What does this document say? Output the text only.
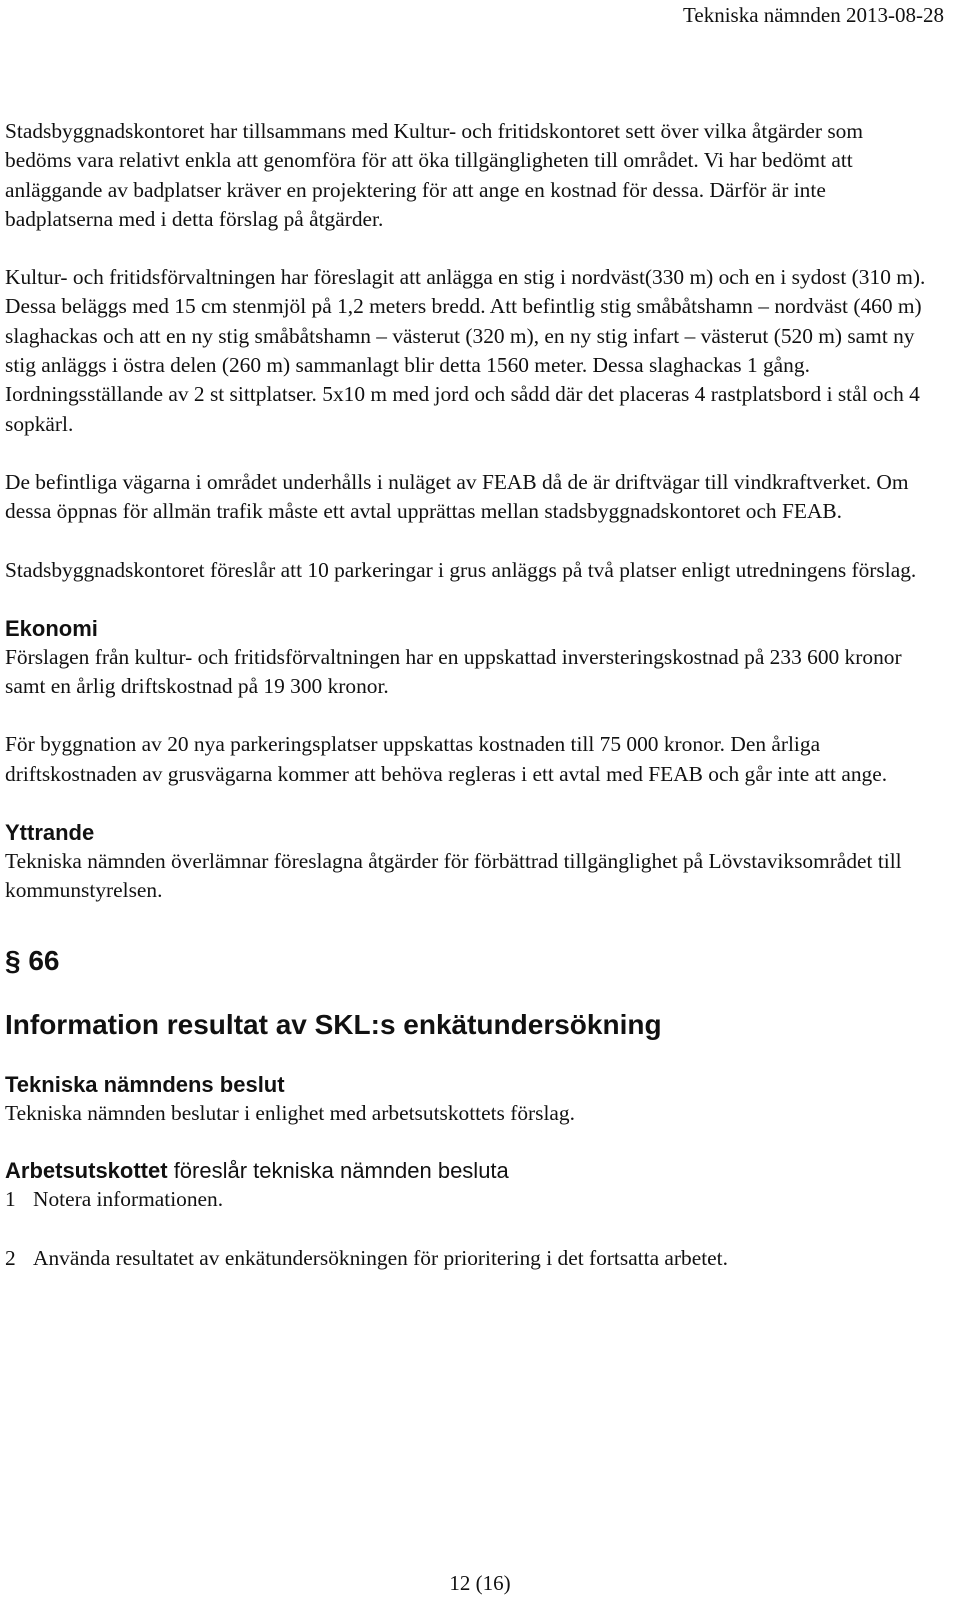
Tekniska nämnden 2013-08-28

Stadsbyggnadskontoret har tillsammans med Kultur- och fritidskontoret sett över vilka åtgärder som bedöms vara relativt enkla att genomföra för att öka tillgängligheten till området. Vi har bedömt att anläggande av badplatser kräver en projektering för att ange en kostnad för dessa. Därför är inte badplatserna med i detta förslag på åtgärder.

Kultur- och fritidsförvaltningen har föreslagit att anlägga en stig i nordväst(330 m) och en i sydost (310 m). Dessa beläggs med 15 cm stenmjöl på 1,2 meters bredd. Att befintlig stig småbåtshamn – nordväst (460 m) slaghackas och att en ny stig småbåtshamn – västerut (320 m), en ny stig infart – västerut (520 m) samt ny stig anläggs i östra delen (260 m) sammanlagt blir detta 1560 meter. Dessa slaghackas 1 gång. Iordningsställande av 2 st sittplatser. 5x10 m med jord och sådd där det placeras 4 rastplatsbord i stål och 4 sopkärl.

De befintliga vägarna i området underhålls i nuläget av FEAB då de är driftvägar till vindkraftverket. Om dessa öppnas för allmän trafik måste ett avtal upprättas mellan stadsbyggnadskontoret och FEAB.

Stadsbyggnadskontoret föreslår att 10 parkeringar i grus anläggs på två platser enligt utredningens förslag.

Ekonomi

Förslagen från kultur- och fritidsförvaltningen har en uppskattad inversteringskostnad på 233 600 kronor samt en årlig driftskostnad på 19 300 kronor.

För byggnation av 20 nya parkeringsplatser uppskattas kostnaden till 75 000 kronor. Den årliga driftskostnaden av grusvägarna kommer att behöva regleras i ett avtal med FEAB och går inte att ange.

Yttrande

Tekniska nämnden överlämnar föreslagna åtgärder för förbättrad tillgänglighet på Lövstaviksområdet till kommunstyrelsen.

§ 66
Information resultat av SKL:s enkätundersökning
Tekniska nämndens beslut

Tekniska nämnden beslutar i enlighet med arbetsutskottets förslag.

Arbetsutskottet föreslår tekniska nämnden besluta

1 Notera informationen.

2 Använda resultatet av enkätundersökningen för prioritering i det fortsatta arbetet.

12 (16)
